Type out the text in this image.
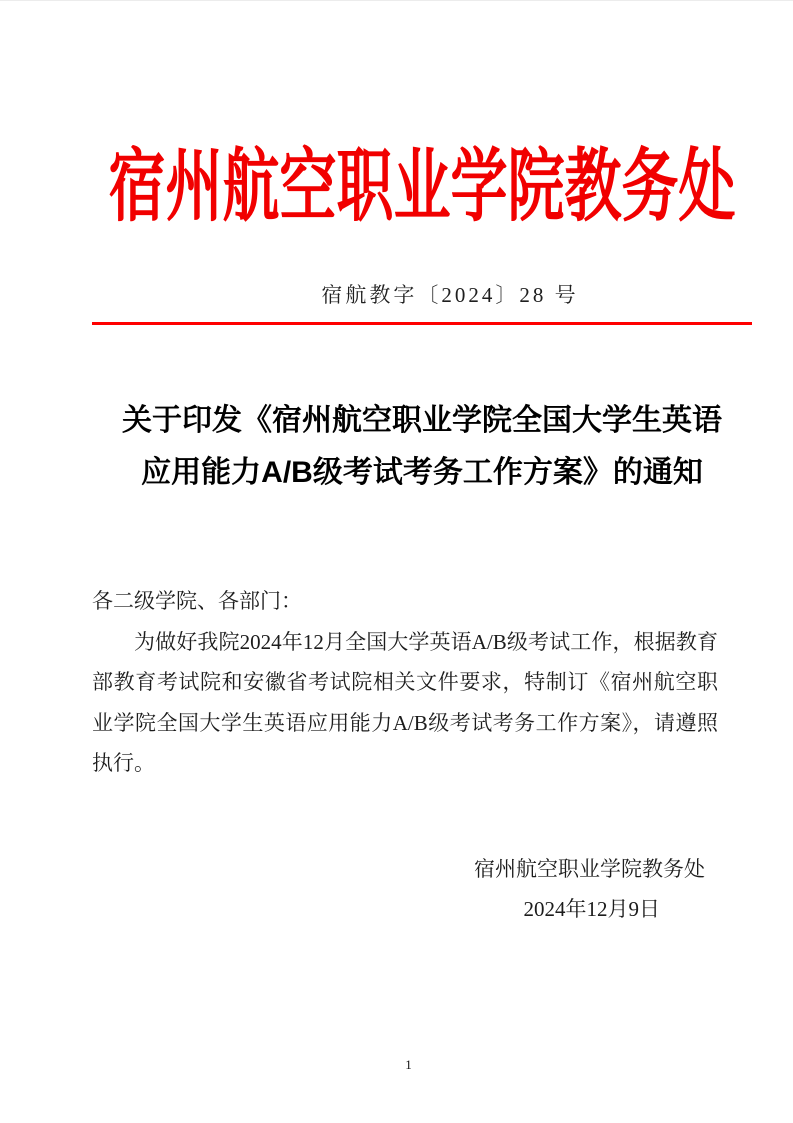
宿州航空职业学院教务处
宿航教字〔2024〕28 号
关于印发《宿州航空职业学院全国大学生英语
应用能力A/B级考试考务工作方案》的通知
各二级学院、各部门：

为做好我院2024年12月全国大学英语A/B级考试工作，根据教育部教育考试院和安徽省考试院相关文件要求，特制订《宿州航空职业学院全国大学生英语应用能力A/B级考试考务工作方案》，请遵照执行。

宿州航空职业学院教务处
2024年12月9日
1
